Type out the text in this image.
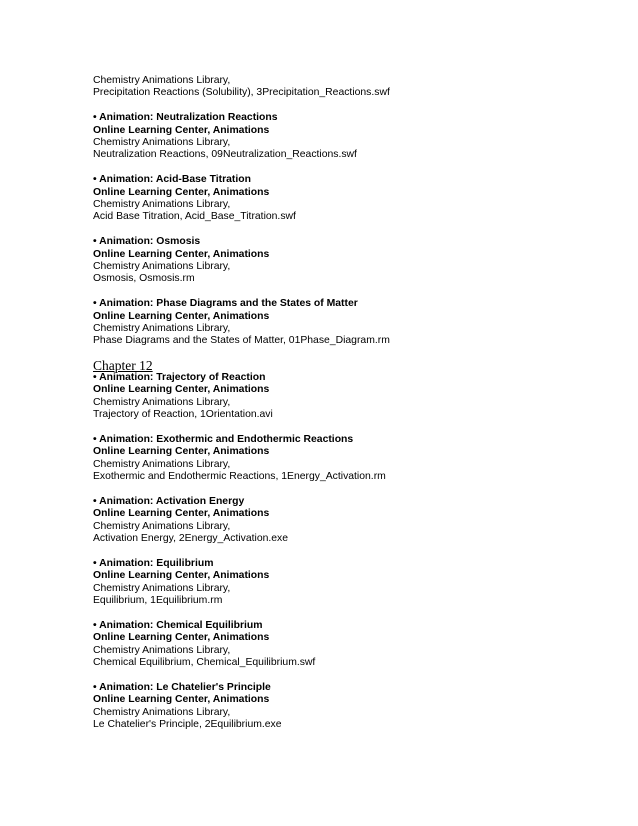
Chemistry Animations Library,
Precipitation Reactions (Solubility), 3Precipitation_Reactions.swf
• Animation: Neutralization Reactions
Online Learning Center, Animations
Chemistry Animations Library,
Neutralization Reactions, 09Neutralization_Reactions.swf
• Animation: Acid-Base Titration
Online Learning Center, Animations
Chemistry Animations Library,
Acid Base Titration, Acid_Base_Titration.swf
• Animation: Osmosis
Online Learning Center, Animations
Chemistry Animations Library,
Osmosis, Osmosis.rm
• Animation: Phase Diagrams and the States of Matter
Online Learning Center, Animations
Chemistry Animations Library,
Phase Diagrams and the States of Matter, 01Phase_Diagram.rm
Chapter 12
• Animation: Trajectory of Reaction
Online Learning Center, Animations
Chemistry Animations Library,
Trajectory of Reaction, 1Orientation.avi
• Animation: Exothermic and Endothermic Reactions
Online Learning Center, Animations
Chemistry Animations Library,
Exothermic and Endothermic Reactions, 1Energy_Activation.rm
• Animation: Activation Energy
Online Learning Center, Animations
Chemistry Animations Library,
Activation Energy, 2Energy_Activation.exe
• Animation: Equilibrium
Online Learning Center, Animations
Chemistry Animations Library,
Equilibrium, 1Equilibrium.rm
• Animation: Chemical Equilibrium
Online Learning Center, Animations
Chemistry Animations Library,
Chemical Equilibrium, Chemical_Equilibrium.swf
• Animation: Le Chatelier's Principle
Online Learning Center, Animations
Chemistry Animations Library,
Le Chatelier's Principle, 2Equilibrium.exe
